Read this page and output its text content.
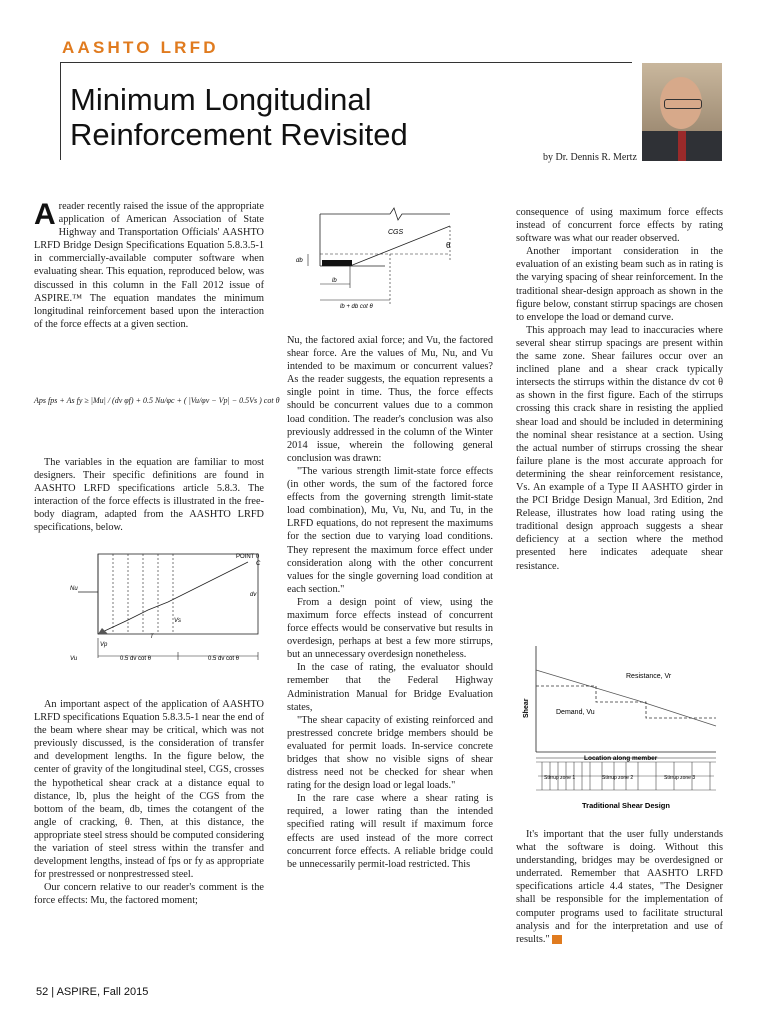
AASHTO LRFD
Minimum Longitudinal Reinforcement Revisited
by Dr. Dennis R. Mertz
A reader recently raised the issue of the appropriate application of American Association of State Highway and Transportation Officials' AASHTO LRFD Bridge Design Specifications Equation 5.8.3.5-1 in commercially-available computer software when evaluating shear. This equation, reproduced below, was discussed in this column in the Fall 2012 issue of ASPIRE.™ The equation mandates the minimum longitudinal reinforcement based upon the interaction of the force effects at a given section.

Aps fps + As fy ≥ |Mu| / (dv φf) + 0.5 Nu/φc + ( |Vu/φv − Vp| − 0.5Vs ) cot θ

The variables in the equation are familiar to most designers. Their specific definitions are found in AASHTO LRFD specifications article 5.8.3. The interaction of the force effects is illustrated in the free-body diagram, adapted from the AASHTO LRFD specifications, below.

POINT 0
C
Nu
dv
Vs
T
Vp
Vu	0.5 dv cot θ	0.5 dv cot θ

An important aspect of the application of AASHTO LRFD specifications Equation 5.8.3.5-1 near the end of the beam where shear may be critical, which was not previously discussed, is the consideration of transfer and development lengths. In the figure below, the center of gravity of the longitudinal steel, CGS, crosses the hypothetical shear crack at a distance equal to distance, lb, plus the height of the CGS from the bottom of the beam, db, times the cotangent of the angle of cracking, θ. Then, at this distance, the appropriate steel stress should be computed considering the variation of steel stress within the transfer and development lengths, instead of fps or fy as appropriate for prestressed or nonprestressed steel.

Our concern relative to our reader's comment is the force effects: Mu, the factored moment;

CGS
θ
db
lb
lb + db cot θ

Nu, the factored axial force; and Vu, the factored shear force. Are the values of Mu, Nu, and Vu intended to be maximum or concurrent values? As the reader suggests, the equation represents a single point in time. Thus, the force effects should be concurrent values due to a common load condition. The reader's conclusion was also previously addressed in the column of the Winter 2014 issue, wherein the following general conclusion was drawn:

"The various strength limit-state force effects (in other words, the sum of the factored force effects from the governing strength limit-state load combination), Mu, Vu, Nu, and Tu, in the LRFD equations, do not represent the maximums for the section due to varying load conditions. They represent the maximum force effect under consideration along with the other concurrent values for the single governing load condition at each section."

From a design point of view, using the maximum force effects instead of concurrent force effects would be conservative but results in overdesign, perhaps at best a few more stirrups, but an unnecessary overdesign nonetheless.

In the case of rating, the evaluator should remember that the Federal Highway Administration Manual for Bridge Evaluation states,

"The shear capacity of existing reinforced and prestressed concrete bridge members should be evaluated for permit loads. In-service concrete bridges that show no visible signs of shear distress need not be checked for shear when rating for the design load or legal loads."

In the rare case where a shear rating is required, a lower rating than the intended specified rating will result if maximum force effects are used instead of the more correct concurrent force effects. A reliable bridge could be unnecessarily permit-load restricted. This

consequence of using maximum force effects instead of concurrent force effects by rating software was what our reader observed.

Another important consideration in the evaluation of an existing beam such as in rating is the varying spacing of shear reinforcement. In the traditional shear-design approach as shown in the figure below, constant stirrup spacings are chosen to envelope the load or demand curve.

This approach may lead to inaccuracies where several shear stirrup spacings are present within the same zone. Shear failures occur over an inclined plane and a shear crack typically intersects the stirrups within the distance dv cot θ as shown in the first figure. Each of the stirrups crossing this crack share in resisting the applied shear load and should be included in determining the nominal shear resistance at a section. Using the actual number of stirrups crossing the shear failure plane is the most accurate approach for determining the shear reinforcement resistance, Vs. An example of a Type II AASHTO girder in the PCI Bridge Design Manual, 3rd Edition, 2nd Release, illustrates how load rating using the traditional design approach suggests a shear deficiency at a section where the method presented here indicates adequate shear resistance.

Resistance, Vr
Demand, Vu
Shear
Location along member
Stirrup zone 1	Stirrup zone 2	Stirrup zone 3
Traditional Shear Design

It's important that the user fully understands what the software is doing. Without this understanding, bridges may be overdesigned or underrated. Remember that AASHTO LRFD specifications article 4.4 states, "The Designer shall be responsible for the implementation of computer programs used to facilitate structural analysis and for the interpretation and use of results." A

52 | ASPIRE, Fall 2015
